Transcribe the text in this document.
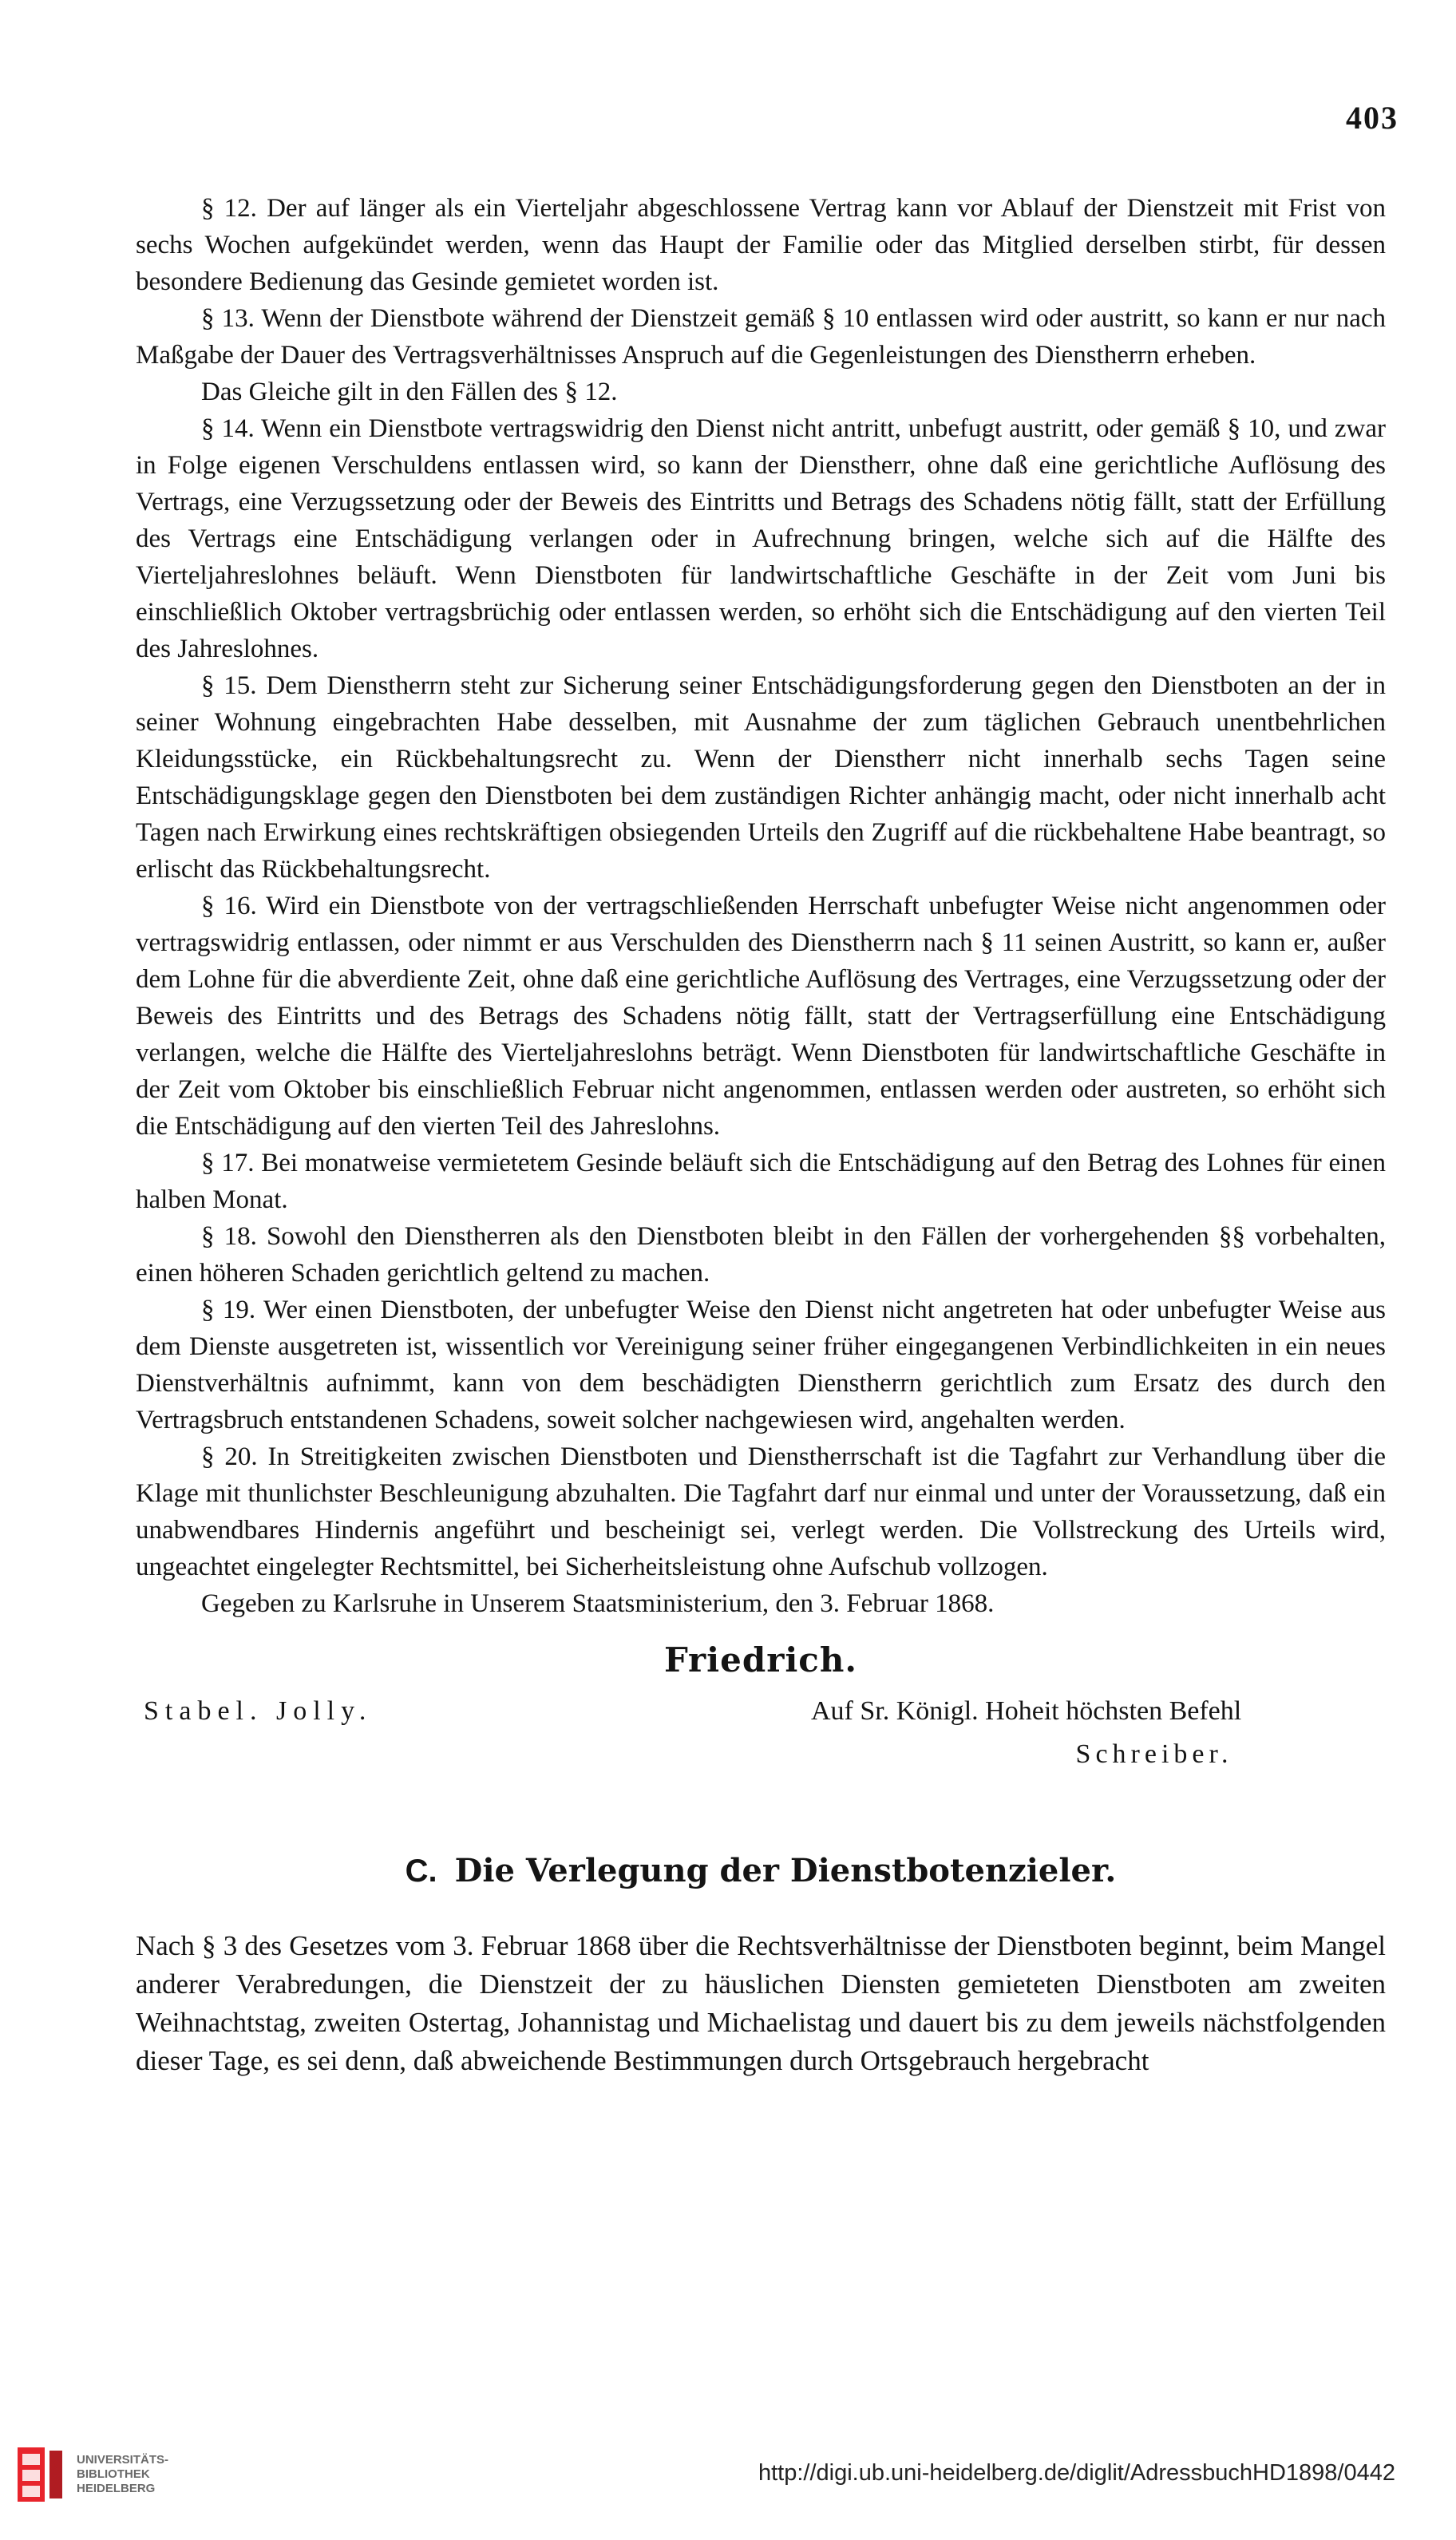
403

§ 12. Der auf länger als ein Vierteljahr abgeschlossene Vertrag kann vor Ablauf der Dienstzeit mit Frist von sechs Wochen aufgekündet werden, wenn das Haupt der Familie oder das Mitglied derselben stirbt, für dessen besondere Bedienung das Gesinde gemietet worden ist.

§ 13. Wenn der Dienstbote während der Dienstzeit gemäß § 10 entlassen wird oder austritt, so kann er nur nach Maßgabe der Dauer des Vertragsverhältnisses Anspruch auf die Gegenleistungen des Dienstherrn erheben.

Das Gleiche gilt in den Fällen des § 12.

§ 14. Wenn ein Dienstbote vertragswidrig den Dienst nicht antritt, unbefugt austritt, oder gemäß § 10, und zwar in Folge eigenen Verschuldens entlassen wird, so kann der Dienstherr, ohne daß eine gerichtliche Auflösung des Vertrags, eine Verzugssetzung oder der Beweis des Eintritts und Betrags des Schadens nötig fällt, statt der Erfüllung des Vertrags eine Entschädigung verlangen oder in Aufrechnung bringen, welche sich auf die Hälfte des Vierteljahreslohnes beläuft. Wenn Dienstboten für landwirtschaftliche Geschäfte in der Zeit vom Juni bis einschließlich Oktober vertragsbrüchig oder entlassen werden, so erhöht sich die Entschädigung auf den vierten Teil des Jahreslohnes.

§ 15. Dem Dienstherrn steht zur Sicherung seiner Entschädigungsforderung gegen den Dienstboten an der in seiner Wohnung eingebrachten Habe desselben, mit Ausnahme der zum täglichen Gebrauch unentbehrlichen Kleidungsstücke, ein Rückbehaltungsrecht zu. Wenn der Dienstherr nicht innerhalb sechs Tagen seine Entschädigungsklage gegen den Dienstboten bei dem zuständigen Richter anhängig macht, oder nicht innerhalb acht Tagen nach Erwirkung eines rechtskräftigen obsiegenden Urteils den Zugriff auf die rückbehaltene Habe beantragt, so erlischt das Rückbehaltungsrecht.

§ 16. Wird ein Dienstbote von der vertragschließenden Herrschaft unbefugter Weise nicht angenommen oder vertragswidrig entlassen, oder nimmt er aus Verschulden des Dienstherrn nach § 11 seinen Austritt, so kann er, außer dem Lohne für die abverdiente Zeit, ohne daß eine gerichtliche Auflösung des Vertrages, eine Verzugssetzung oder der Beweis des Eintritts und des Betrags des Schadens nötig fällt, statt der Vertragserfüllung eine Entschädigung verlangen, welche die Hälfte des Vierteljahreslohns beträgt. Wenn Dienstboten für landwirtschaftliche Geschäfte in der Zeit vom Oktober bis einschließlich Februar nicht angenommen, entlassen werden oder austreten, so erhöht sich die Entschädigung auf den vierten Teil des Jahreslohns.

§ 17. Bei monatweise vermietetem Gesinde beläuft sich die Entschädigung auf den Betrag des Lohnes für einen halben Monat.

§ 18. Sowohl den Dienstherren als den Dienstboten bleibt in den Fällen der vorhergehenden §§ vorbehalten, einen höheren Schaden gerichtlich geltend zu machen.

§ 19. Wer einen Dienstboten, der unbefugter Weise den Dienst nicht angetreten hat oder unbefugter Weise aus dem Dienste ausgetreten ist, wissentlich vor Vereinigung seiner früher eingegangenen Verbindlichkeiten in ein neues Dienstverhältnis aufnimmt, kann von dem beschädigten Dienstherrn gerichtlich zum Ersatz des durch den Vertragsbruch entstandenen Schadens, soweit solcher nachgewiesen wird, angehalten werden.

§ 20. In Streitigkeiten zwischen Dienstboten und Dienstherrschaft ist die Tagfahrt zur Verhandlung über die Klage mit thunlichster Beschleunigung abzuhalten. Die Tagfahrt darf nur einmal und unter der Voraussetzung, daß ein unabwendbares Hindernis angeführt und bescheinigt sei, verlegt werden. Die Vollstreckung des Urteils wird, ungeachtet eingelegter Rechtsmittel, bei Sicherheitsleistung ohne Aufschub vollzogen.

Gegeben zu Karlsruhe in Unserem Staatsministerium, den 3. Februar 1868.

Friedrich.
Stabel. Jolly.	Auf Sr. Königl. Hoheit höchsten Befehl
Schreiber.
C. Die Verlegung der Dienstbotenzieler.

Nach § 3 des Gesetzes vom 3. Februar 1868 über die Rechtsverhältnisse der Dienstboten beginnt, beim Mangel anderer Verabredungen, die Dienstzeit der zu häuslichen Diensten gemieteten Dienstboten am zweiten Weihnachtstag, zweiten Ostertag, Johannistag und Michaelistag und dauert bis zu dem jeweils nächstfolgenden dieser Tage, es sei denn, daß abweichende Bestimmungen durch Ortsgebrauch hergebracht

UNIVERSITÄTS-
BIBLIOTHEK
HEIDELBERG
http://digi.ub.uni-heidelberg.de/diglit/AdressbuchHD1898/0442
